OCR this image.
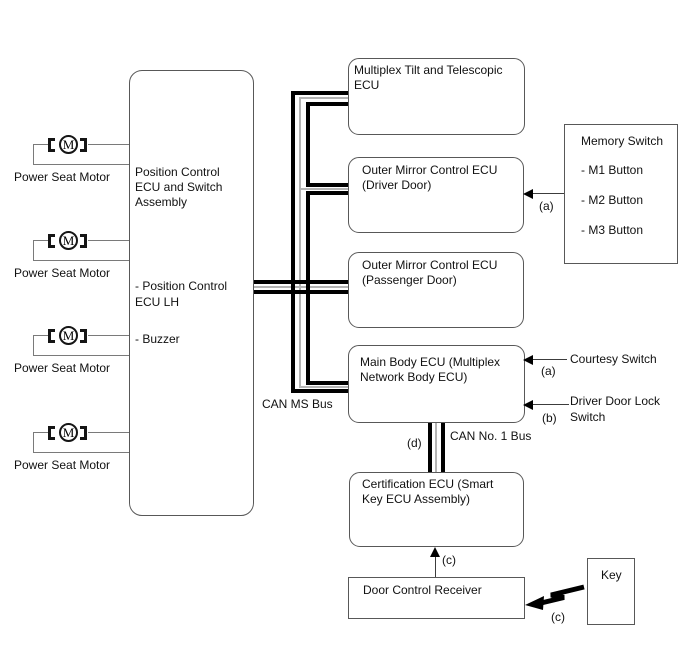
M
Power Seat Motor
M
Power Seat Motor
M
Power Seat Motor
M
Power Seat Motor
Position Control
ECU and Switch
Assembly
- Position Control
ECU LH
- Buzzer
Multiplex Tilt and Telescopic
ECU
Outer Mirror Control ECU
(Driver Door)
Outer Mirror Control ECU
(Passenger Door)
Main Body ECU (Multiplex
Network Body ECU)
Memory Switch
- M1 Button
- M2 Button
- M3 Button
Certification ECU (Smart
Key ECU Assembly)
Door Control Receiver
Key
CAN MS Bus
CAN No. 1 Bus
(d)
(a)
(a)
Courtesy Switch
(b)
Driver Door Lock
Switch
(c)
(c)
